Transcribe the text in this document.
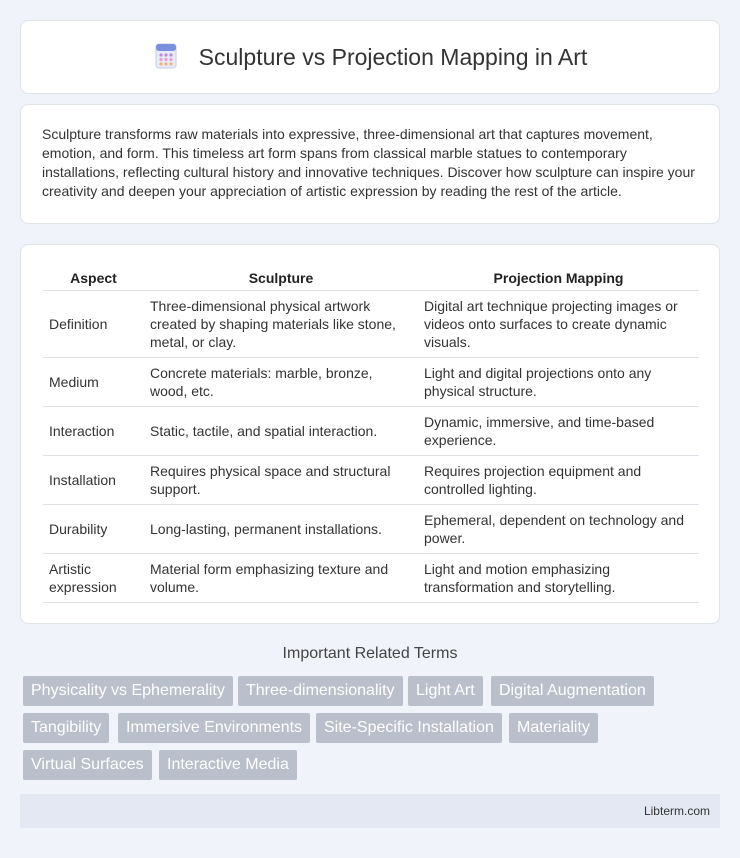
Sculpture vs Projection Mapping in Art

Sculpture transforms raw materials into expressive, three-dimensional art that captures movement, emotion, and form. This timeless art form spans from classical marble statues to contemporary installations, reflecting cultural history and innovative techniques. Discover how sculpture can inspire your creativity and deepen your appreciation of artistic expression by reading the rest of the article.

Aspect	Sculpture	Projection Mapping
Definition	Three-dimensional physical artwork created by shaping materials like stone, metal, or clay.	Digital art technique projecting images or videos onto surfaces to create dynamic visuals.
Medium	Concrete materials: marble, bronze, wood, etc.	Light and digital projections onto any physical structure.
Interaction	Static, tactile, and spatial interaction.	Dynamic, immersive, and time-based experience.
Installation	Requires physical space and structural support.	Requires projection equipment and controlled lighting.
Durability	Long-lasting, permanent installations.	Ephemeral, dependent on technology and power.
Artistic expression	Material form emphasizing texture and volume.	Light and motion emphasizing transformation and storytelling.
Important Related Terms
Physicality vs Ephemerality	Three-dimensionality	Light Art	Digital Augmentation
Tangibility	Immersive Environments	Site-Specific Installation	Materiality
Virtual Surfaces	Interactive Media
Libterm.com
